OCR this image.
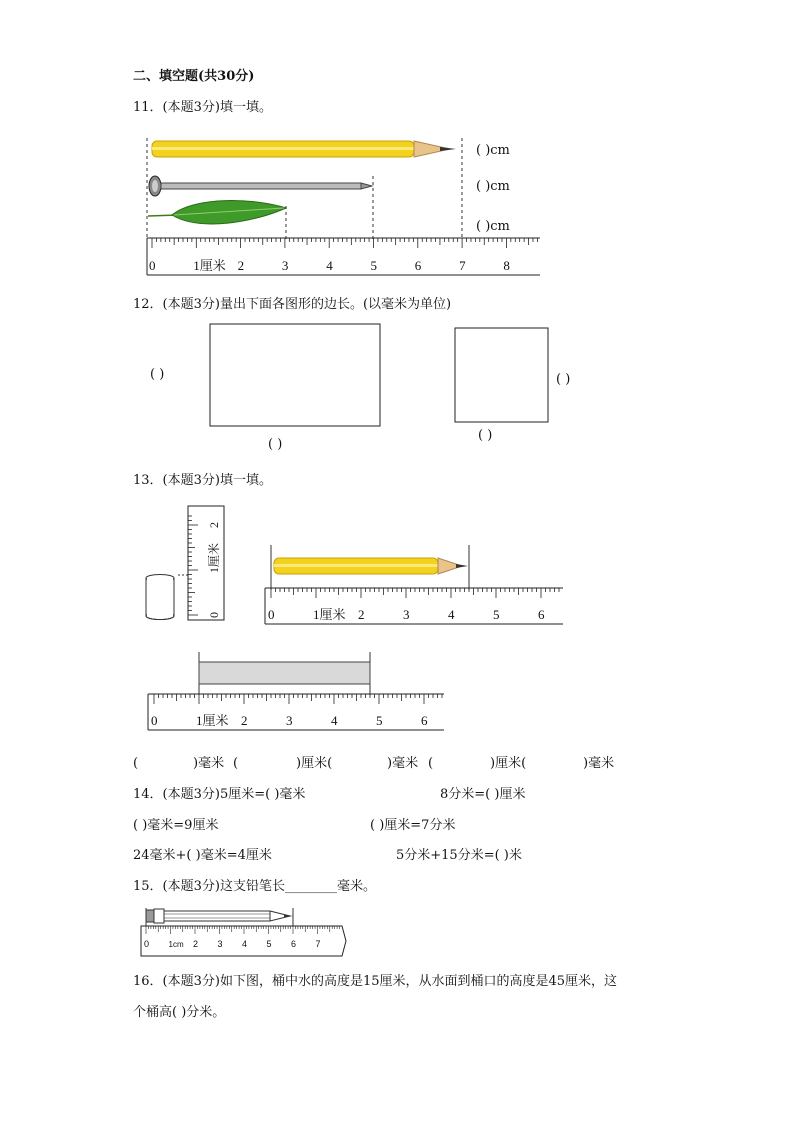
二、填空题(共30分)
11．(本题3分)填一填。
0	1厘米 2	3	4	5	6	7	8
( )cm
( )cm
( )cm
12．(本题3分)量出下面各图形的边长。(以毫米为单位)
( )
( )
( )
( )
13．(本题3分)填一填。
0
1厘米
2
0	1厘米 2	3	4	5	6
0	1厘米 2	3	4	5	6
(	)毫米 (	)厘米(	)毫米 (	)厘米(	)毫米
14．(本题3分)5厘米=( )毫米	8分米=( )厘米
( )毫米=9厘米	( )厘米=7分米
24毫米+( )毫米=4厘米	5分米+15分米=( )米
15．(本题3分)这支铅笔长________毫米。
0 1cm 2 3 4 5 6 7
16．(本题3分)如下图，桶中水的高度是15厘米，从水面到桶口的高度是45厘米，这
个桶高( )分米。
